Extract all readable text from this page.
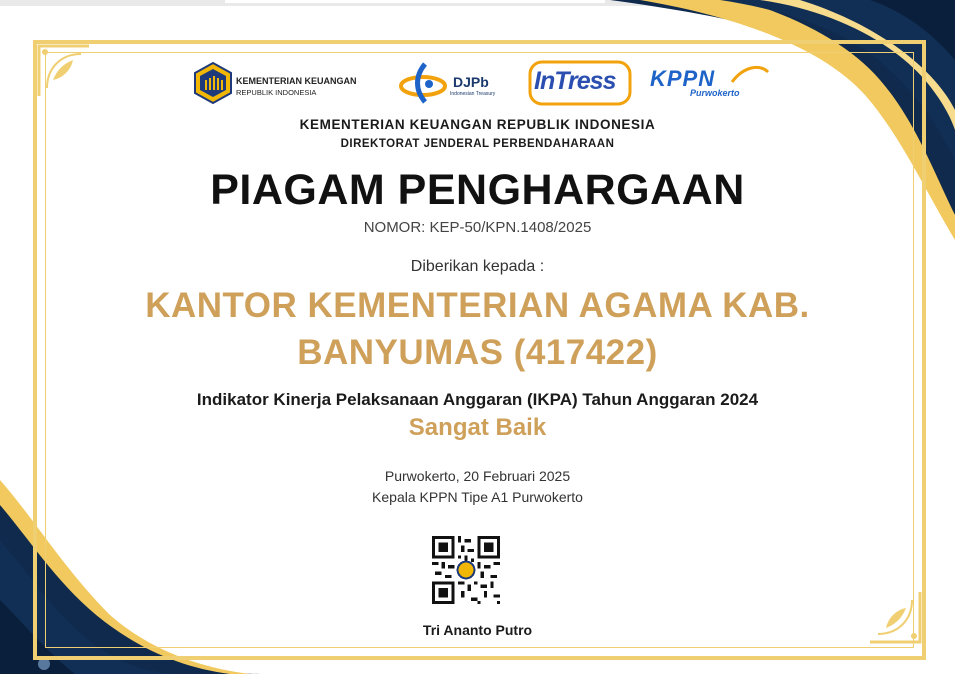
KEMENTERIAN KEUANGAN
REPUBLIK INDONESIA
DJPb
Indonesian Treasury InTress KPPN
Purwokerto
KEMENTERIAN KEUANGAN REPUBLIK INDONESIA
DIREKTORAT JENDERAL PERBENDAHARAAN
PIAGAM PENGHARGAAN
NOMOR: KEP-50/KPN.1408/2025
Diberikan kepada :
KANTOR KEMENTERIAN AGAMA KAB.
BANYUMAS (417422)
Indikator Kinerja Pelaksanaan Anggaran (IKPA) Tahun Anggaran 2024
Sangat Baik
Purwokerto, 20 Februari 2025
Kepala KPPN Tipe A1 Purwokerto
Tri Ananto Putro
